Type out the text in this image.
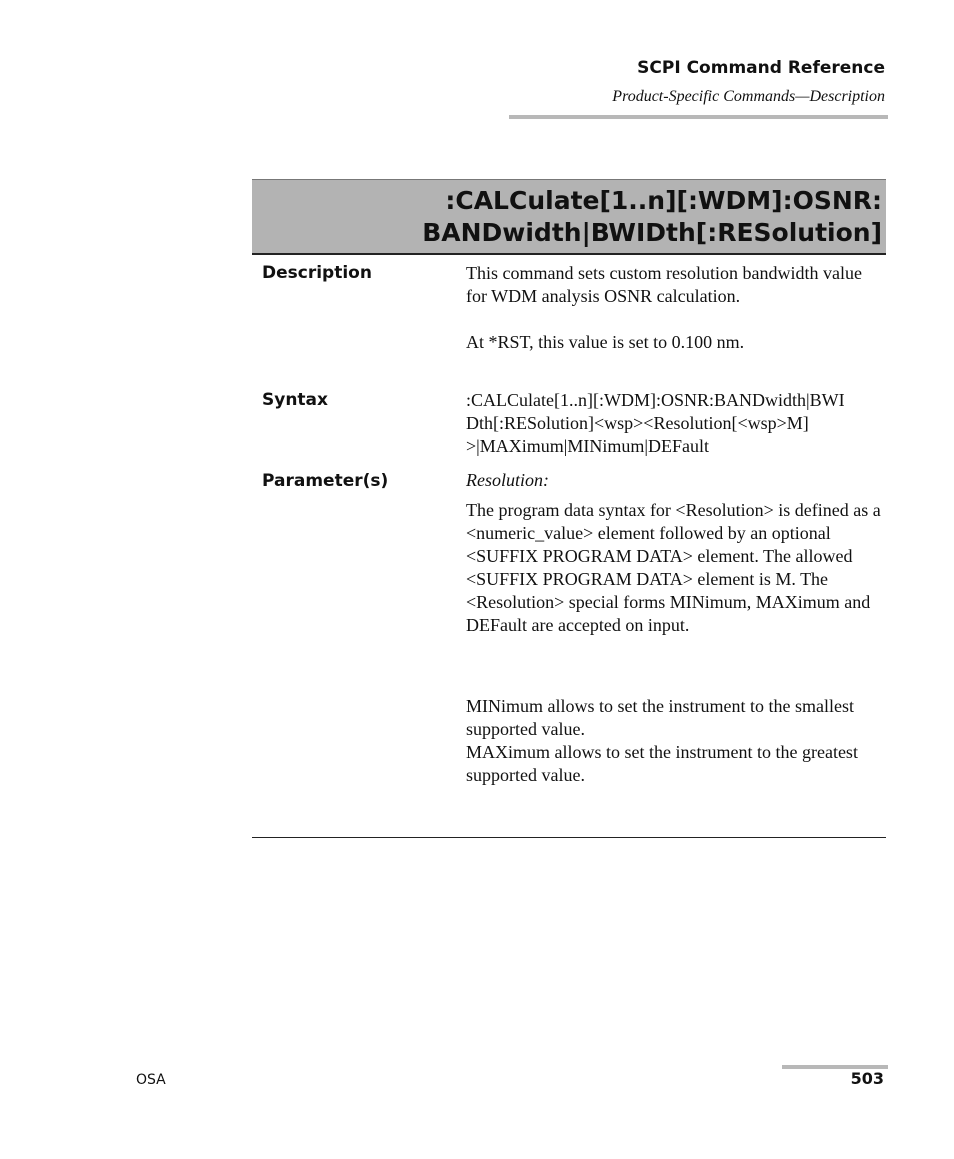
SCPI Command Reference
Product-Specific Commands—Description
:CALCulate[1..n][:WDM]:OSNR:
BANDwidth|BWIDth[:RESolution]
Description	This command sets custom resolution bandwidth value for WDM analysis OSNR calculation.

At *RST, this value is set to 0.100 nm.

Syntax	:CALCulate[1..n][:WDM]:OSNR:BANDwidth|BWI

Dth[:RESolution]<wsp><Resolution[<wsp>M]

>|MAXimum|MINimum|DEFault

Parameter(s)	Resolution:

The program data syntax for <Resolution> is defined as a <numeric_value> element followed by an optional <SUFFIX PROGRAM DATA> element. The allowed <SUFFIX PROGRAM DATA> element is M. The <Resolution> special forms MINimum, MAXimum and DEFault are accepted on input.

MINimum allows to set the instrument to the smallest supported value.

MAXimum allows to set the instrument to the greatest supported value.

OSA	503
